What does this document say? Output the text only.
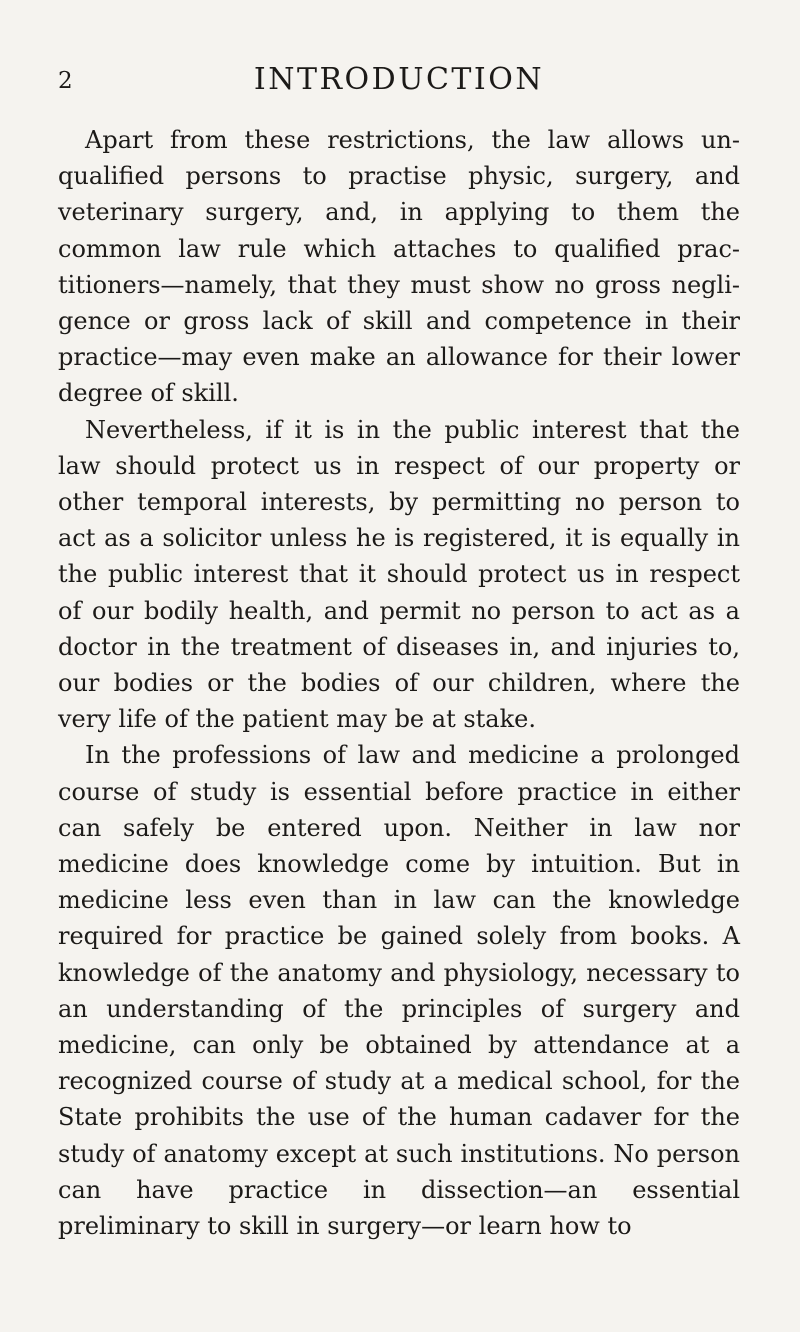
2	INTRODUCTION

Apart from these restrictions, the law allows un-qualified persons to practise physic, surgery, and veterinary surgery, and, in applying to them the common law rule which attaches to qualified prac-titioners—namely, that they must show no gross negli-gence or gross lack of skill and competence in their practice—may even make an allowance for their lower degree of skill.

Nevertheless, if it is in the public interest that the law should protect us in respect of our property or other temporal interests, by permitting no person to act as a solicitor unless he is registered, it is equally in the public interest that it should protect us in respect of our bodily health, and permit no person to act as a doctor in the treatment of diseases in, and injuries to, our bodies or the bodies of our children, where the very life of the patient may be at stake.

In the professions of law and medicine a prolonged course of study is essential before practice in either can safely be entered upon. Neither in law nor medicine does knowledge come by intuition. But in medicine less even than in law can the knowledge required for practice be gained solely from books. A knowledge of the anatomy and physiology, necessary to an understanding of the principles of surgery and medicine, can only be obtained by attendance at a recognized course of study at a medical school, for the State prohibits the use of the human cadaver for the study of anatomy except at such institutions. No person can have practice in dissection—an essential preliminary to skill in surgery—or learn how to
